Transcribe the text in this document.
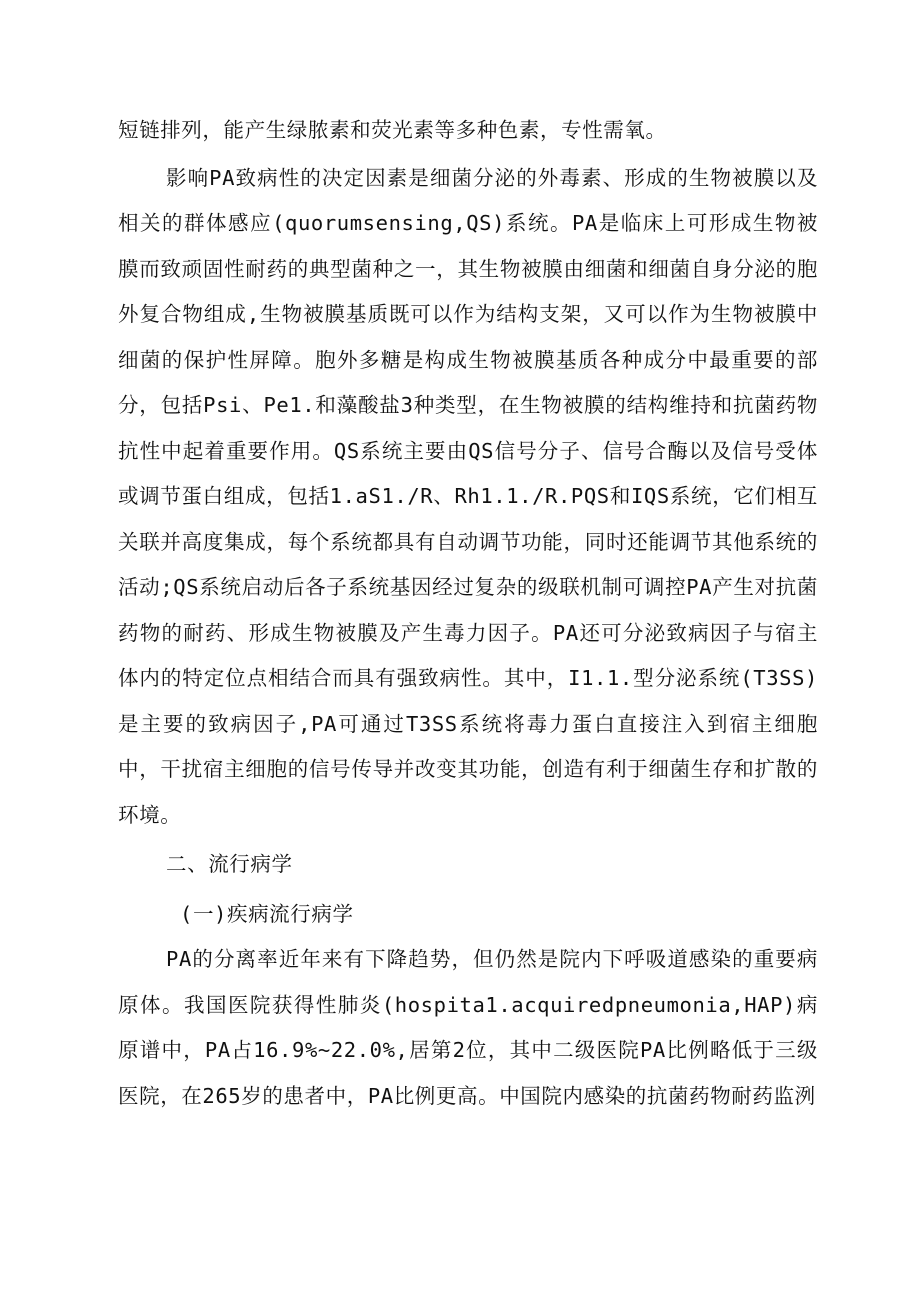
短链排列，能产生绿脓素和荧光素等多种色素，专性需氧。

影响PA致病性的决定因素是细菌分泌的外毒素、形成的生物被膜以及相关的群体感应(quorumsensing,QS)系统。PA是临床上可形成生物被膜而致顽固性耐药的典型菌种之一，其生物被膜由细菌和细菌自身分泌的胞外复合物组成,生物被膜基质既可以作为结构支架，又可以作为生物被膜中细菌的保护性屏障。胞外多糖是构成生物被膜基质各种成分中最重要的部分，包括Psi、Pe1.和藻酸盐3种类型，在生物被膜的结构维持和抗菌药物抗性中起着重要作用。QS系统主要由QS信号分子、信号合酶以及信号受体或调节蛋白组成，包括1.aS1./R、Rh1.1./R.PQS和IQS系统，它们相互关联并高度集成，每个系统都具有自动调节功能，同时还能调节其他系统的活动;QS系统启动后各子系统基因经过复杂的级联机制可调控PA产生对抗菌药物的耐药、形成生物被膜及产生毒力因子。PA还可分泌致病因子与宿主体内的特定位点相结合而具有强致病性。其中，I1.1.型分泌系统(T3SS)是主要的致病因子,PA可通过T3SS系统将毒力蛋白直接注入到宿主细胞中，干扰宿主细胞的信号传导并改变其功能，创造有利于细菌生存和扩散的环境。

二、流行病学

(一)疾病流行病学

PA的分离率近年来有下降趋势，但仍然是院内下呼吸道感染的重要病原体。我国医院获得性肺炎(hospita1.acquiredpneumonia,HAP)病原谱中，PA占16.9%~22.0%,居第2位，其中二级医院PA比例略低于三级医院，在265岁的患者中，PA比例更高。中国院内感染的抗菌药物耐药监洌
